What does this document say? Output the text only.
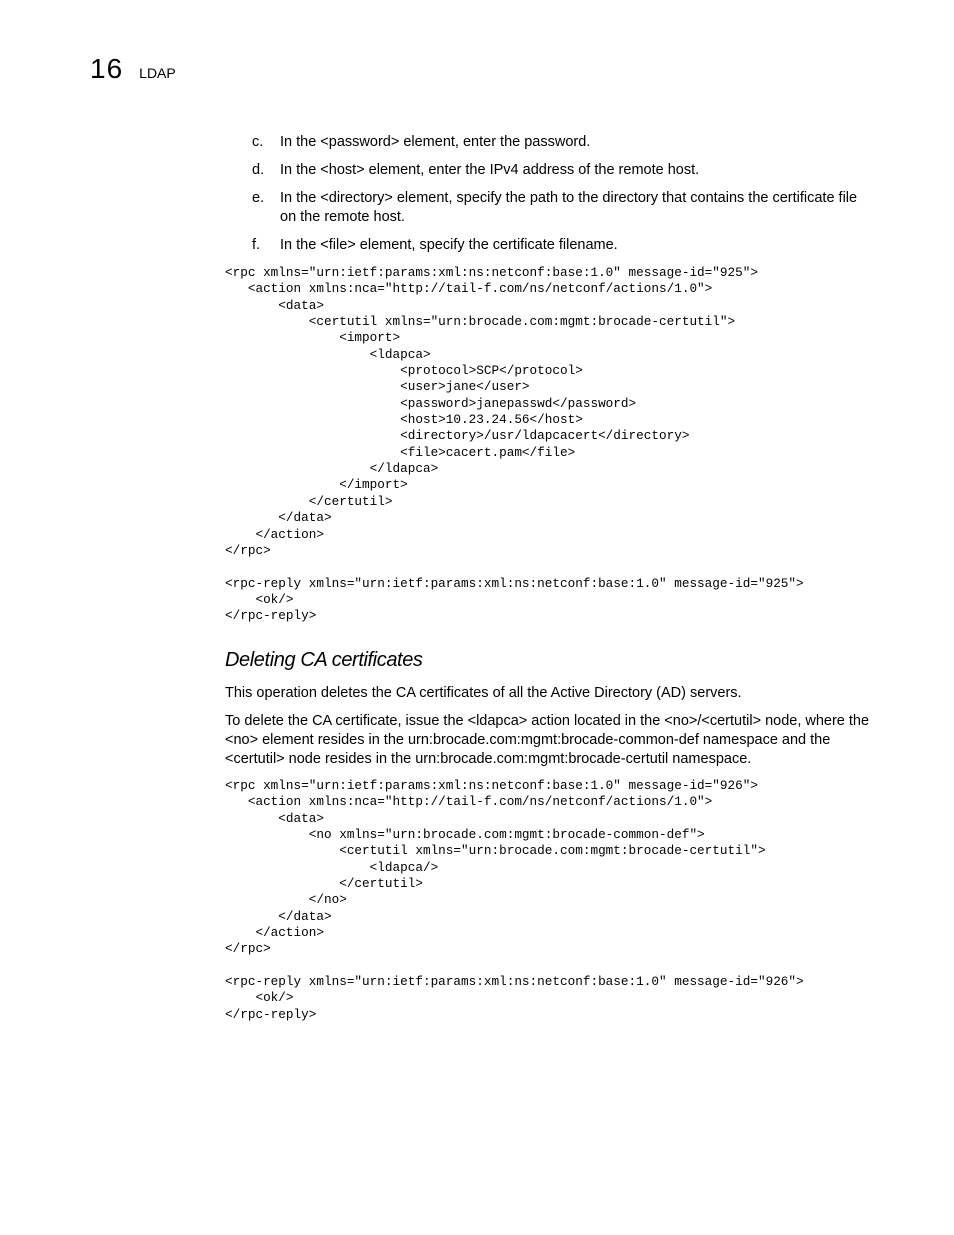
16 LDAP
c.	In the <password> element, enter the password.
d.	In the <host> element, enter the IPv4 address of the remote host.
e.	In the <directory> element, specify the path to the directory that contains the certificate file on the remote host.
f.	In the <file> element, specify the certificate filename.
<rpc xmlns="urn:ietf:params:xml:ns:netconf:base:1.0" message-id="925">
<action xmlns:nca="http://tail-f.com/ns/netconf/actions/1.0">
<data>
<certutil xmlns="urn:brocade.com:mgmt:brocade-certutil">
<import>
<ldapca>
<protocol>SCP</protocol>
<user>jane</user>
<password>janepasswd</password>
<host>10.23.24.56</host>
<directory>/usr/ldapcacert</directory>
<file>cacert.pam</file>
</ldapca>
</import>
</certutil>
</data>
</action>
</rpc>

<rpc-reply xmlns="urn:ietf:params:xml:ns:netconf:base:1.0" message-id="925">
<ok/>
</rpc-reply>
Deleting CA certificates

This operation deletes the CA certificates of all the Active Directory (AD) servers.

To delete the CA certificate, issue the <ldapca> action located in the <no>/<certutil> node, where the <no> element resides in the urn:brocade.com:mgmt:brocade-common-def namespace and the <certutil> node resides in the urn:brocade.com:mgmt:brocade-certutil namespace.

<rpc xmlns="urn:ietf:params:xml:ns:netconf:base:1.0" message-id="926">
<action xmlns:nca="http://tail-f.com/ns/netconf/actions/1.0">
<data>
<no xmlns="urn:brocade.com:mgmt:brocade-common-def">
<certutil xmlns="urn:brocade.com:mgmt:brocade-certutil">
<ldapca/>
</certutil>
</no>
</data>
</action>
</rpc>

<rpc-reply xmlns="urn:ietf:params:xml:ns:netconf:base:1.0" message-id="926">
<ok/>
</rpc-reply>
